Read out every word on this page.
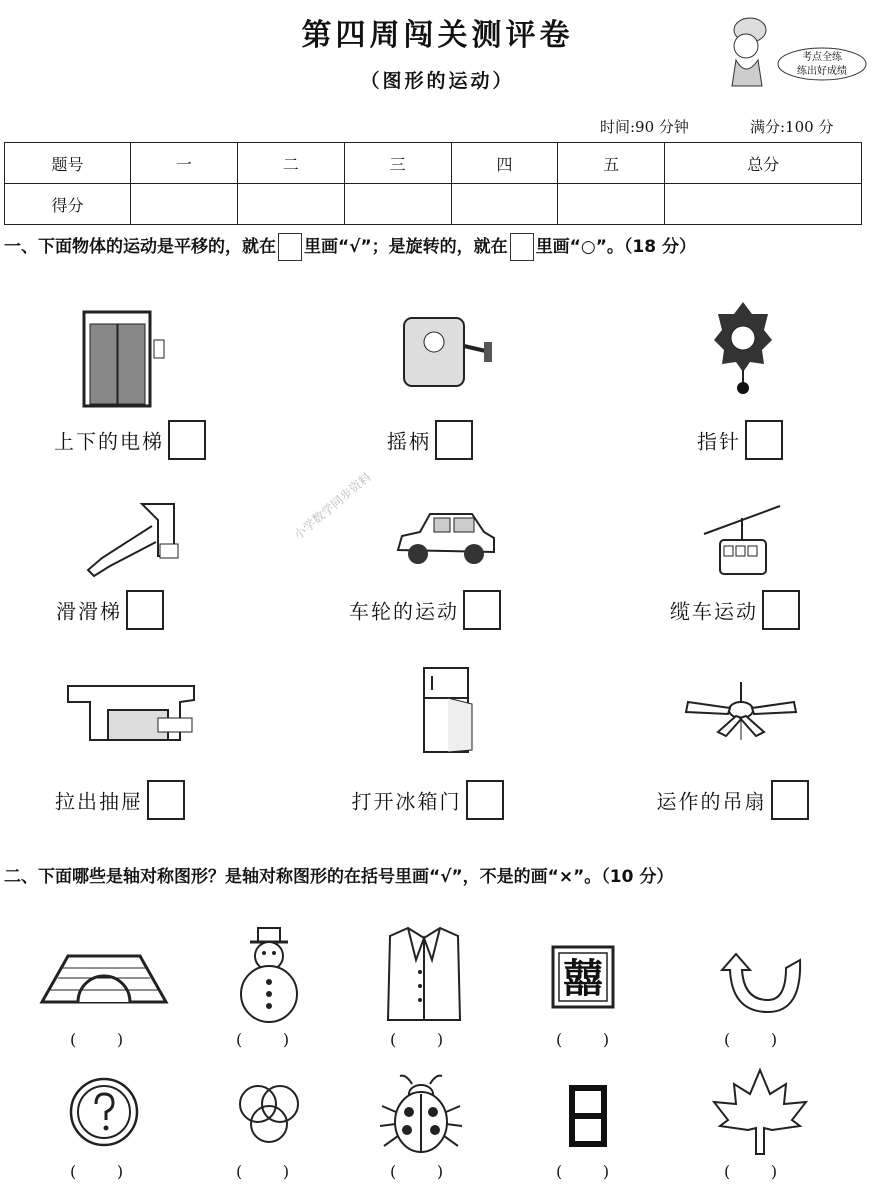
第四周闯关测评卷
（图形的运动）
考点全练
练出好成绩
时间:90 分钟	满分:100 分
题号	一	二	三	四	五	总分
得分						
一、下面物体的运动是平移的，就在 里画“√”；是旋转的，就在 里画“○”。（18 分）
上下的电梯	摇柄	指针
滑滑梯	车轮的运动	缆车运动
拉出抽屉	打开冰箱门	运作的吊扇
二、下面哪些是轴对称图形？是轴对称图形的在括号里画“√”，不是的画“×”。（10 分）
囍
(        )	(        )	(        )	(        )	(        )
(        )	(        )	(        )	(        )	(        )
小学数学同步资料
